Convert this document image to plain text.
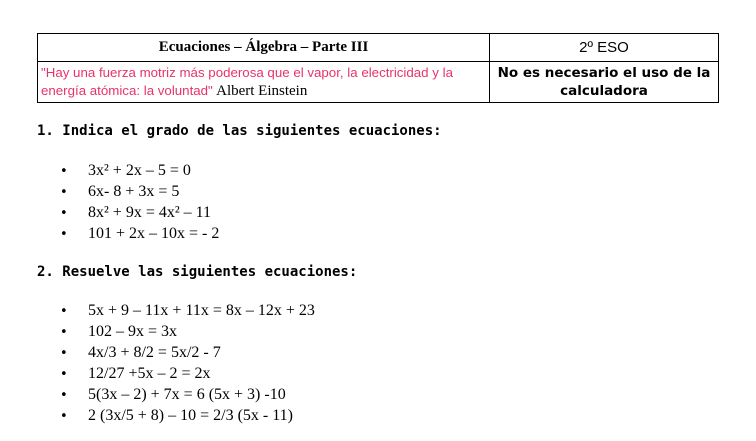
Ecuaciones – Álgebra – Parte III	2º ESO
"Hay una fuerza motriz más poderosa que el vapor, la electricidad y la energía atómica: la voluntad" Albert Einstein	No es necesario el uso de la calculadora
1. Indica el grado de las siguientes ecuaciones:
• 3x² + 2x – 5 = 0
• 6x- 8 + 3x = 5
• 8x² + 9x = 4x² – 11
• 101 + 2x – 10x = - 2
2. Resuelve las siguientes ecuaciones:
• 5x + 9 – 11x + 11x = 8x – 12x + 23
• 102 – 9x = 3x
• 4x/3 + 8/2 = 5x/2 - 7
• 12/27 +5x – 2 = 2x
• 5(3x – 2) + 7x = 6 (5x + 3) -10
• 2 (3x/5 + 8) – 10 = 2/3 (5x - 11)
